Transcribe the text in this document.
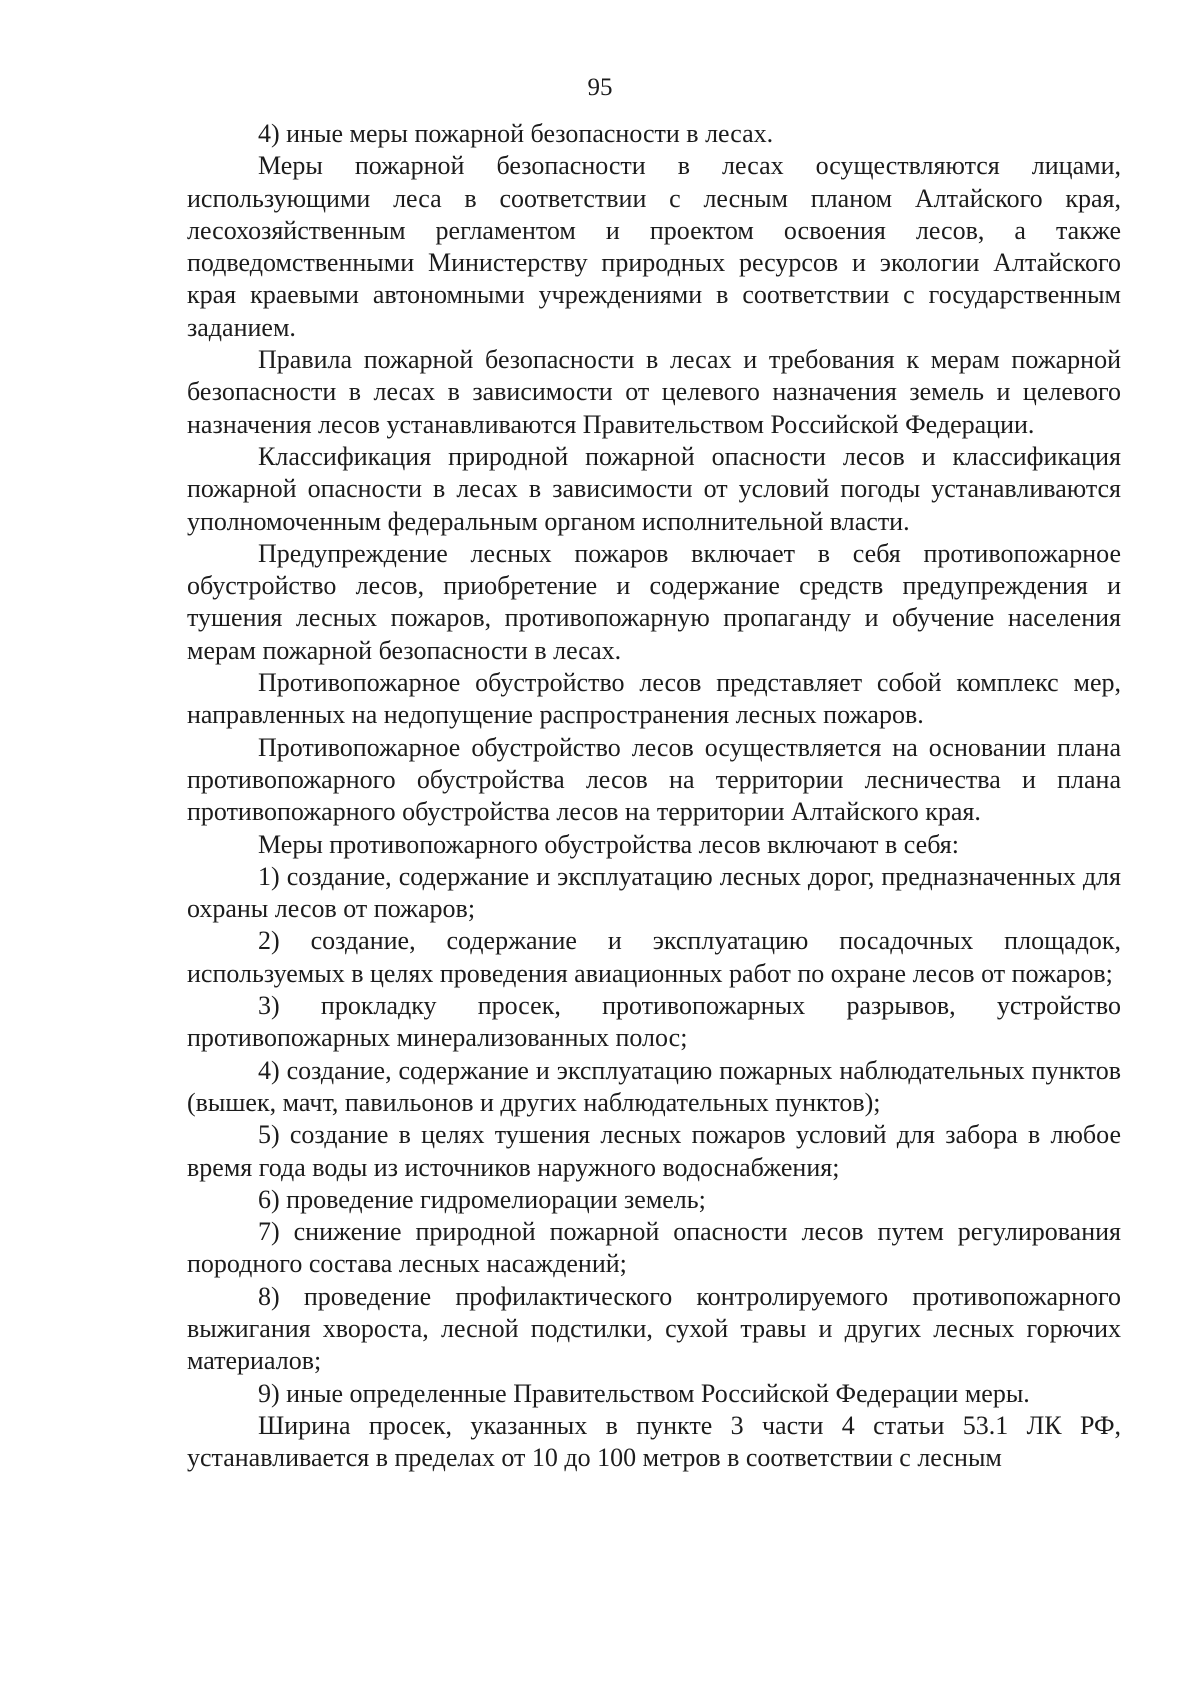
95

4) иные меры пожарной безопасности в лесах.

Меры пожарной безопасности в лесах осуществляются лицами, использующими леса в соответствии с лесным планом Алтайского края, лесохозяйственным регламентом и проектом освоения лесов, а также подведомственными Министерству природных ресурсов и экологии Алтайского края краевыми автономными учреждениями в соответствии с государственным заданием.

Правила пожарной безопасности в лесах и требования к мерам пожарной безопасности в лесах в зависимости от целевого назначения земель и целевого назначения лесов устанавливаются Правительством Российской Федерации.

Классификация природной пожарной опасности лесов и классификация пожарной опасности в лесах в зависимости от условий погоды устанавливаются уполномоченным федеральным органом исполнительной власти.

Предупреждение лесных пожаров включает в себя противопожарное обустройство лесов, приобретение и содержание средств предупреждения и тушения лесных пожаров, противопожарную пропаганду и обучение населения мерам пожарной безопасности в лесах.

Противопожарное обустройство лесов представляет собой комплекс мер, направленных на недопущение распространения лесных пожаров.

Противопожарное обустройство лесов осуществляется на основании плана противопожарного обустройства лесов на территории лесничества и плана противопожарного обустройства лесов на территории Алтайского края.

Меры противопожарного обустройства лесов включают в себя:

1) создание, содержание и эксплуатацию лесных дорог, предназначенных для охраны лесов от пожаров;

2) создание, содержание и эксплуатацию посадочных площадок, используемых в целях проведения авиационных работ по охране лесов от пожаров;

3) прокладку просек, противопожарных разрывов, устройство противопожарных минерализованных полос;

4) создание, содержание и эксплуатацию пожарных наблюдательных пунктов (вышек, мачт, павильонов и других наблюдательных пунктов);

5) создание в целях тушения лесных пожаров условий для забора в любое время года воды из источников наружного водоснабжения;

6) проведение гидромелиорации земель;

7) снижение природной пожарной опасности лесов путем регулирования породного состава лесных насаждений;

8) проведение профилактического контролируемого противопожарного выжигания хвороста, лесной подстилки, сухой травы и других лесных горючих материалов;

9) иные определенные Правительством Российской Федерации меры.

Ширина просек, указанных в пункте 3 части 4 статьи 53.1 ЛК РФ, устанавливается в пределах от 10 до 100 метров в соответствии с лесным
